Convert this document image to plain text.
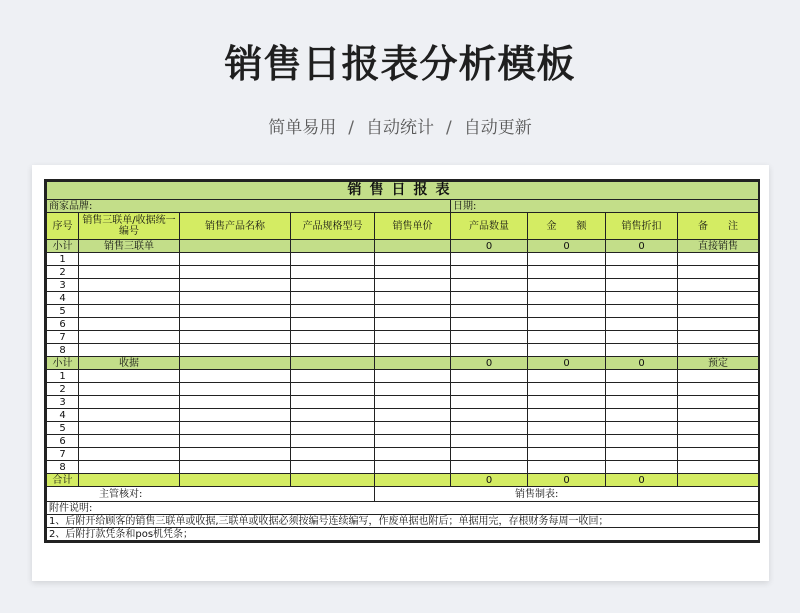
销售日报表分析模板
简单易用 / 自动统计 / 自动更新
销售日报表								
商家品牌:					日期:			
序号	销售三联单/收据统一编号	销售产品名称	产品规格型号	销售单价	产品数量	金　　额	销售折扣	备　　注
小计	销售三联单				0	0	0	直接销售
1								
2								
3								
4								
5								
6								
7								
8								
小计	收据				0	0	0	预定
1								
2								
3								
4								
5								
6								
7								
8								
合计					0	0	0	
主管核对:				销售制表:				
附件说明:								
1、后附开给顾客的销售三联单或收据,三联单或收据必须按编号连续编写，作废单据也附后；单据用完，存根财务每周一收回；								
2、后附打款凭条和pos机凭条；								
